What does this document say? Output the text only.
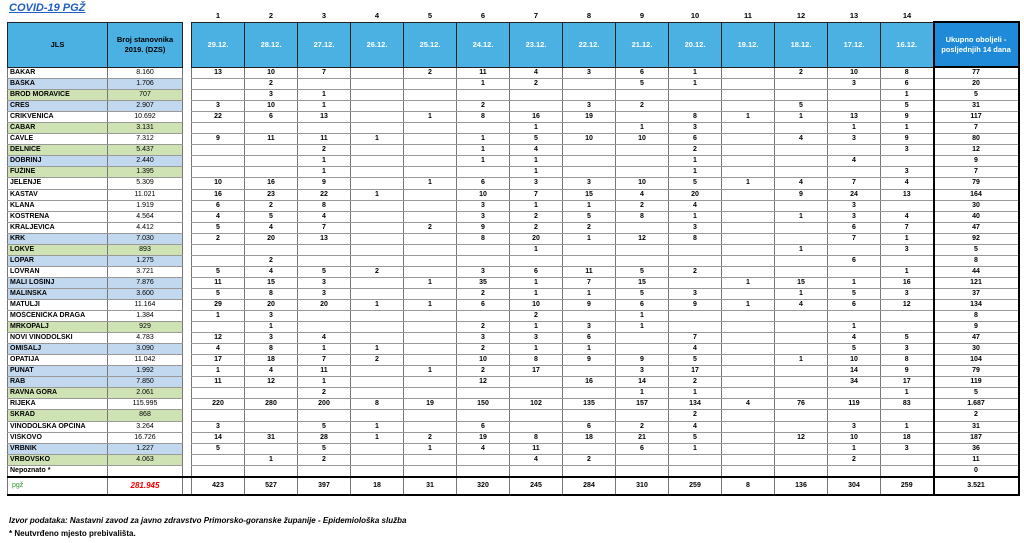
COVID-19 PGŽ
			1	2	3	4	5	6	7	8	9	10	11	12	13	14	
JLS	Broj stanovnika 2019. (DZS)		29.12.	28.12.	27.12.	26.12.	25.12.	24.12.	23.12.	22.12.	21.12.	20.12.	19.12.	18.12.	17.12.	16.12.	Ukupno oboljeli - posljednjih 14 dana
BAKAR	8.160		13	10	7		2	11	4	3	6	1		2	10	8	77
BAŠKA	1.706			2				1	2		5	1			3	6	20
BROD MORAVICE	707			3	1											1	5
CRES	2.907		3	10	1			2		3	2			5		5	31
CRIKVENICA	10.692		22	6	13		1	8	16	19		8	1	1	13	9	117
ČABAR	3.131								1		1	3			1	1	7
ČAVLE	7.312		9	11	11	1		1	5	10	10	6		4	3	9	80
DELNICE	5.437				2			1	4			2				3	12
DOBRINJ	2.440				1			1	1			1			4		9
FUŽINE	1.395				1				1			1				3	7
JELENJE	5.309		10	16	9		1	6	3	3	10	5	1	4	7	4	79
KASTAV	11.021		16	23	22	1		10	7	15	4	20		9	24	13	164
KLANA	1.919		6	2	8			3	1	1	2	4			3		30
KOSTRENA	4.564		4	5	4			3	2	5	8	1		1	3	4	40
KRALJEVICA	4.412		5	4	7		2	9	2	2		3			6	7	47
KRK	7.030		2	20	13			8	20	1	12	8			7	1	92
LOKVE	893								1					1		3	5
LOPAR	1.275			2											6		8
LOVRAN	3.721		5	4	5	2		3	6	11	5	2				1	44
MALI LOŠINJ	7.876		11	15	3		1	35	1	7	15		1	15	1	16	121
MALINSKA	3.600		5	8	3			2	1	1	5	3		1	5	3	37
MATULJI	11.164		29	20	20	1	1	6	10	9	6	9	1	4	6	12	134
MOŠĆENIČKA DRAGA	1.384		1	3					2		1						8
MRKOPALJ	929			1				2	1	3	1				1		9
NOVI VINODOLSKI	4.783		12	3	4			3	3	6		7			4	5	47
OMIŠALJ	3.090		4	8	1	1		2	1	1		4			5	3	30
OPATIJA	11.042		17	18	7	2		10	8	9	9	5		1	10	8	104
PUNAT	1.992		1	4	11		1	2	17		3	17			14	9	79
RAB	7.850		11	12	1			12		16	14	2			34	17	119
RAVNA GORA	2.061				2						1	1				1	5
RIJEKA	115.995		220	280	200	8	19	150	102	135	157	134	4	76	119	83	1.687
SKRAD	868											2					2
VINODOLSKA OPĆINA	3.264		3		5	1		6		6	2	4			3	1	31
VIŠKOVO	16.726		14	31	28	1	2	19	8	18	21	5		12	10	18	187
VRBNIK	1.227		5		5		1	4	11		6	1			1	3	36
VRBOVSKO	4.063			1	2				4	2					2		11
Nepoznato *																	0
pgž	281.945		423	527	397	18	31	320	245	284	310	259	8	136	304	259	3.521
Izvor podataka: Nastavni zavod za javno zdravstvo Primorsko-goranske županije - Epidemiološka služba
* Neutvrđeno mjesto prebivališta.
